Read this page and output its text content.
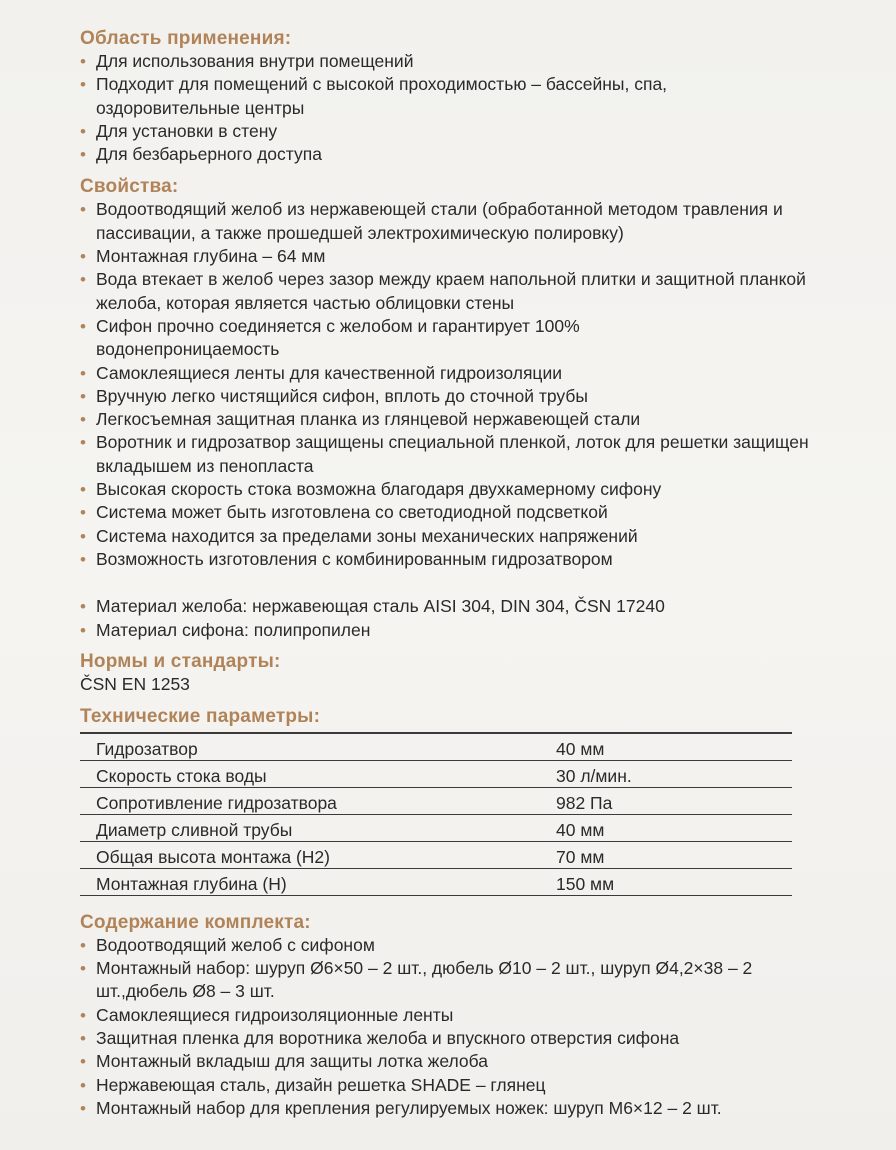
Область применения:
• Для использования внутри помещений
• Подходит для помещений с высокой проходимостью – бассейны, спа, оздоровительные центры
• Для установки в стену
• Для безбарьерного доступа
Свойства:
• Водоотводящий желоб из нержавеющей стали (обработанной методом травления и пассивации, а также прошедшей электрохимическую полировку)
• Монтажная глубина – 64 мм
• Вода втекает в желоб через зазор между краем напольной плитки и защитной планкой желоба, которая является частью облицовки стены
• Сифон прочно соединяется с желобом и гарантирует 100% водонепроницаемость
• Самоклеящиеся ленты для качественной гидроизоляции
• Вручную легко чистящийся сифон, вплоть до сточной трубы
• Легкосъемная защитная планка из глянцевой нержавеющей стали
• Воротник и гидрозатвор защищены специальной пленкой, лоток для решетки защищен вкладышем из пенопласта
• Высокая скорость стока возможна благодаря двухкамерному сифону
• Система может быть изготовлена со светодиодной подсветкой
• Система находится за пределами зоны механических напряжений
• Возможность изготовления с комбинированным гидрозатвором
• Материал желоба: нержавеющая сталь AISI 304, DIN 304, ČSN 17240
• Материал сифона: полипропилен
Нормы и стандарты:

ČSN EN 1253

Технические параметры:
Гидрозатвор	40 мм
Скорость стока воды	30 л/мин.
Сопротивление гидрозатвора	982 Па
Диаметр сливной трубы	40 мм
Общая высота монтажа (H2)	70 мм
Монтажная глубина (H)	150 мм
Содержание комплекта:
• Водоотводящий желоб с сифоном
• Монтажный набор: шуруп Ø6×50 – 2 шт., дюбель Ø10 – 2 шт., шуруп Ø4,2×38 – 2 шт.,дюбель Ø8 – 3 шт.
• Самоклеящиеся гидроизоляционные ленты
• Защитная пленка для воротника желоба и впускного отверстия сифона
• Монтажный вкладыш для защиты лотка желоба
• Нержавеющая сталь, дизайн решетка SHADE – глянец
• Монтажный набор для крепления регулируемых ножек: шуруп M6×12 – 2 шт.
